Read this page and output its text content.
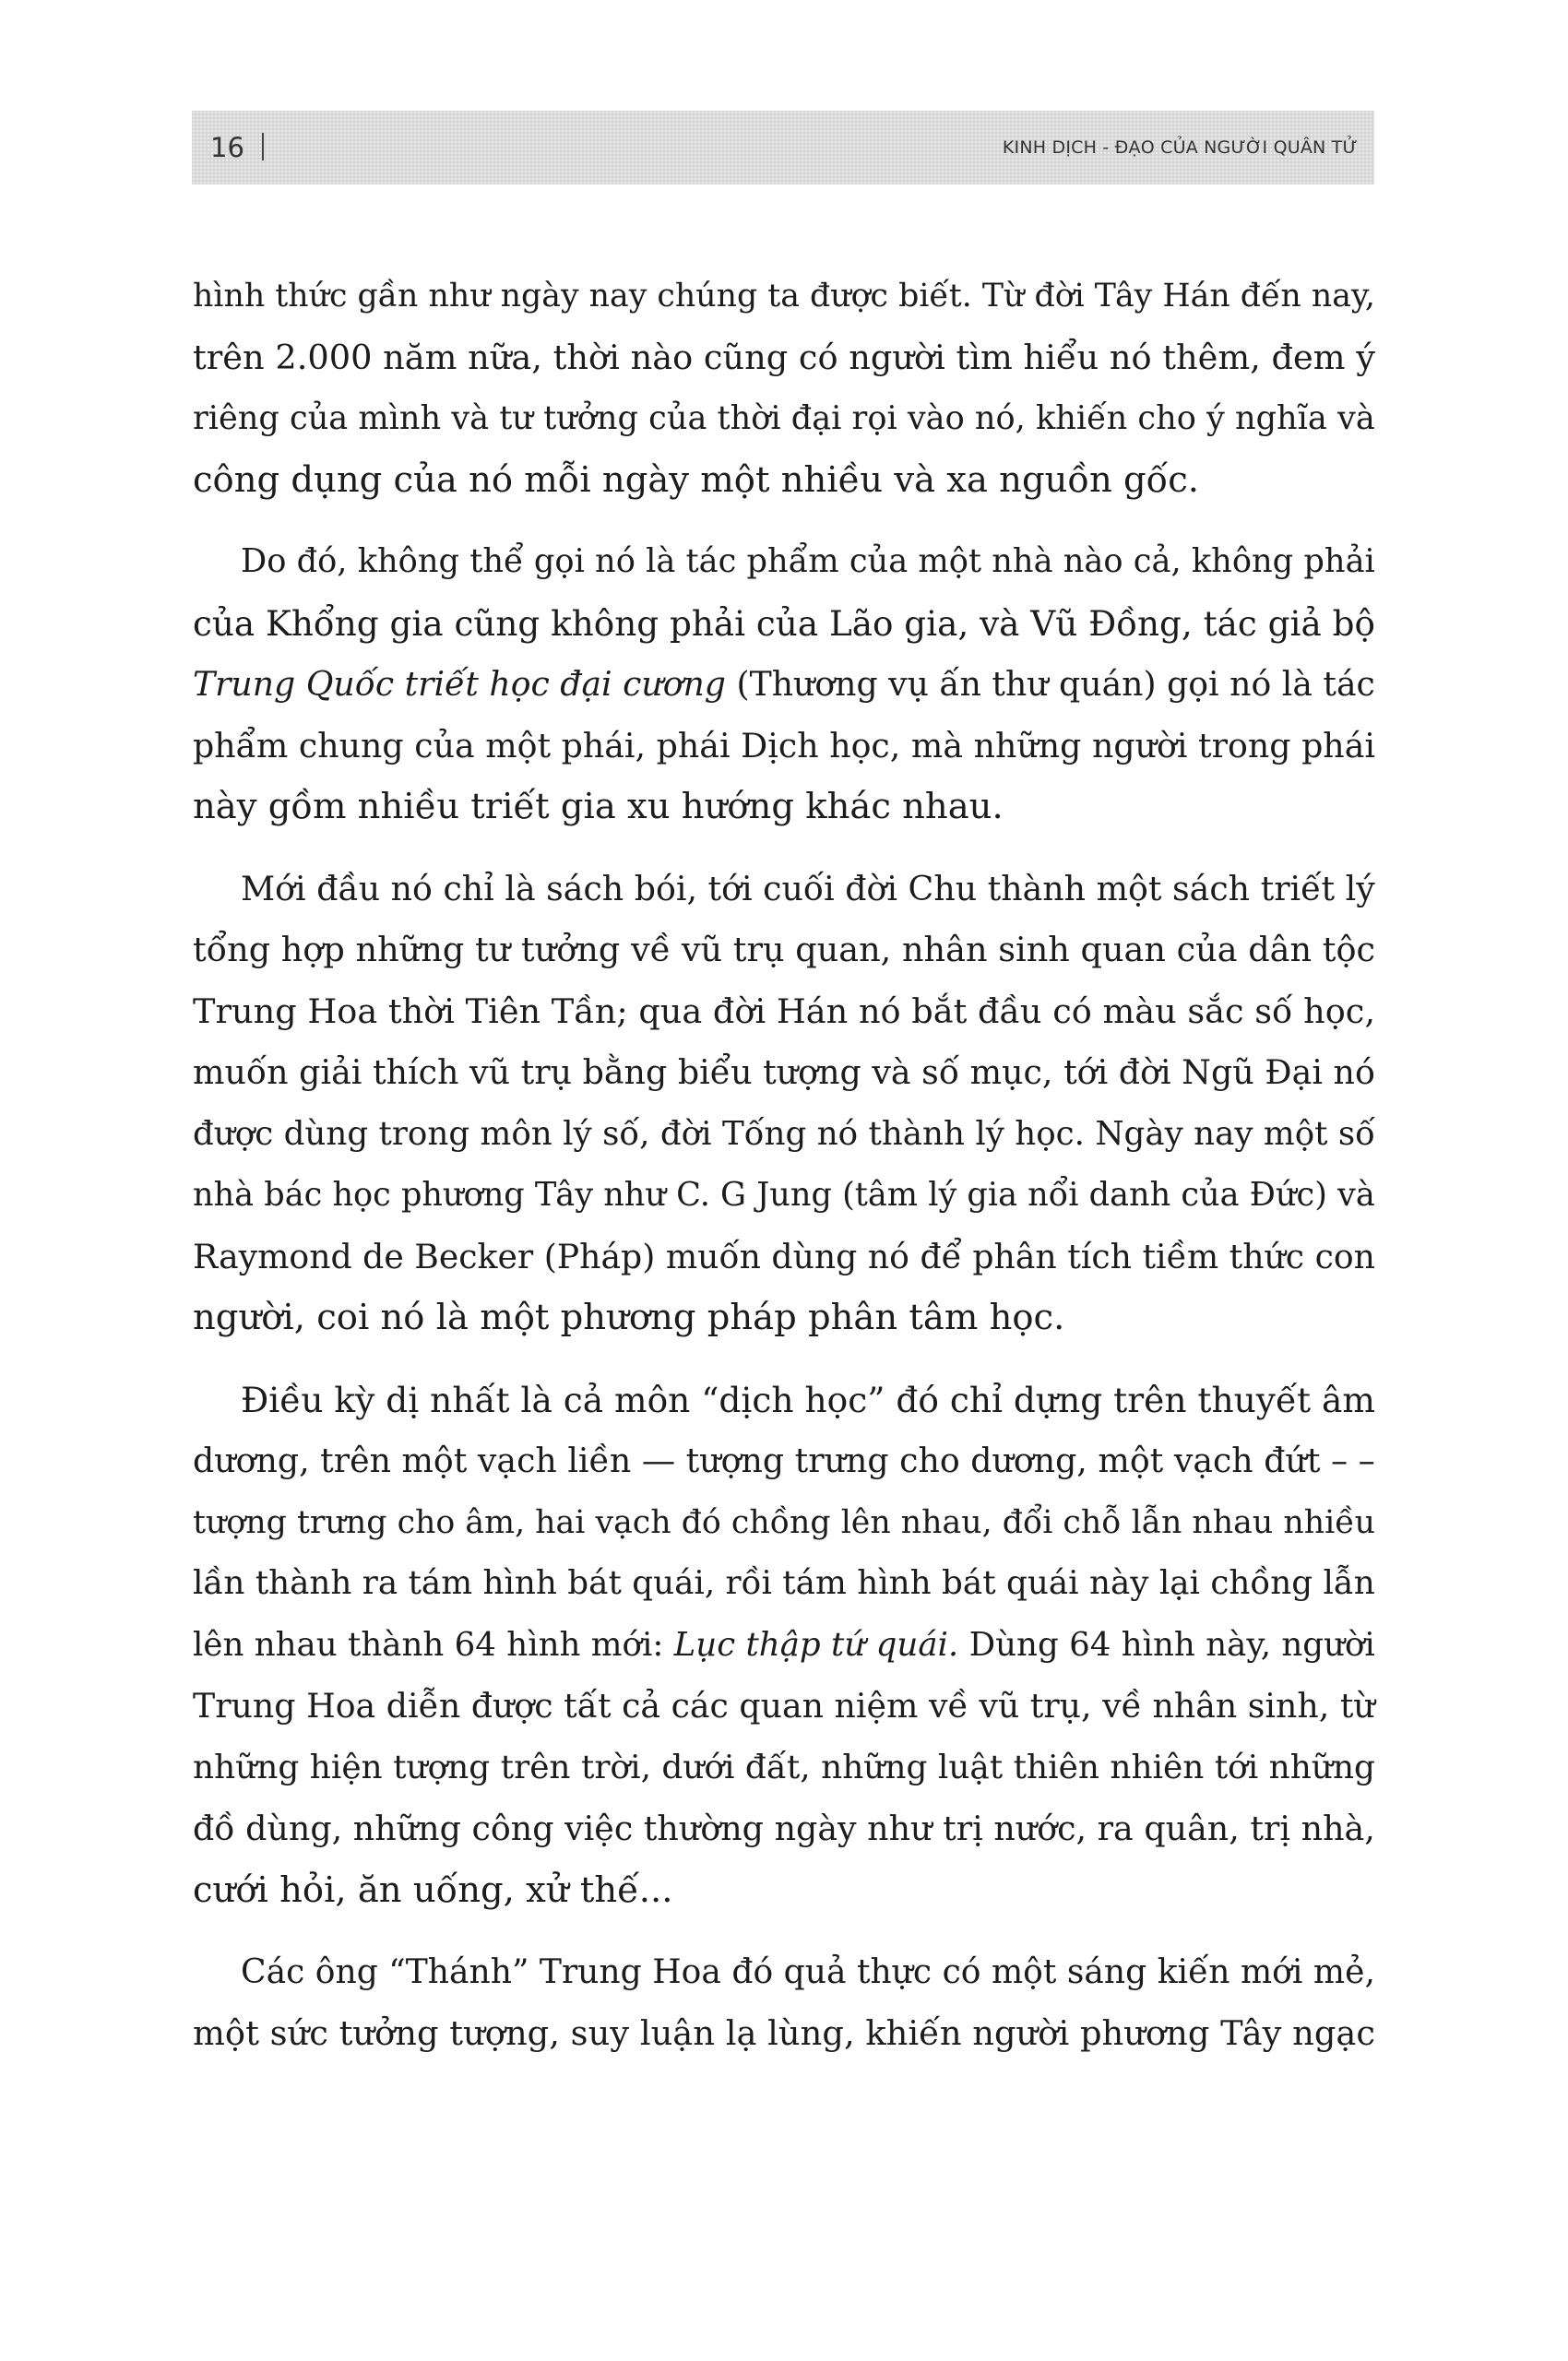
16	KINH DỊCH - ĐẠO CỦA NGƯỜI QUÂN TỬ
hình thức gần như ngày nay chúng ta được biết. Từ đời Tây Hán đến nay,
trên 2.000 năm nữa, thời nào cũng có người tìm hiểu nó thêm, đem ý
riêng của mình và tư tưởng của thời đại rọi vào nó, khiến cho ý nghĩa và
công dụng của nó mỗi ngày một nhiều và xa nguồn gốc.
Do đó, không thể gọi nó là tác phẩm của một nhà nào cả, không phải
của Khổng gia cũng không phải của Lão gia, và Vũ Đồng, tác giả bộ
Trung Quốc triết học đại cương (Thương vụ ấn thư quán) gọi nó là tác
phẩm chung của một phái, phái Dịch học, mà những người trong phái
này gồm nhiều triết gia xu hướng khác nhau.
Mới đầu nó chỉ là sách bói, tới cuối đời Chu thành một sách triết lý
tổng hợp những tư tưởng về vũ trụ quan, nhân sinh quan của dân tộc
Trung Hoa thời Tiên Tần; qua đời Hán nó bắt đầu có màu sắc số học,
muốn giải thích vũ trụ bằng biểu tượng và số mục, tới đời Ngũ Đại nó
được dùng trong môn lý số, đời Tống nó thành lý học. Ngày nay một số
nhà bác học phương Tây như C. G Jung (tâm lý gia nổi danh của Đức) và
Raymond de Becker (Pháp) muốn dùng nó để phân tích tiềm thức con
người, coi nó là một phương pháp phân tâm học.
Điều kỳ dị nhất là cả môn “dịch học” đó chỉ dựng trên thuyết âm
dương, trên một vạch liền — tượng trưng cho dương, một vạch đứt – –
tượng trưng cho âm, hai vạch đó chồng lên nhau, đổi chỗ lẫn nhau nhiều
lần thành ra tám hình bát quái, rồi tám hình bát quái này lại chồng lẫn
lên nhau thành 64 hình mới: Lục thập tứ quái. Dùng 64 hình này, người
Trung Hoa diễn được tất cả các quan niệm về vũ trụ, về nhân sinh, từ
những hiện tượng trên trời, dưới đất, những luật thiên nhiên tới những
đồ dùng, những công việc thường ngày như trị nước, ra quân, trị nhà,
cưới hỏi, ăn uống, xử thế...
Các ông “Thánh” Trung Hoa đó quả thực có một sáng kiến mới mẻ,
một sức tưởng tượng, suy luận lạ lùng, khiến người phương Tây ngạc
